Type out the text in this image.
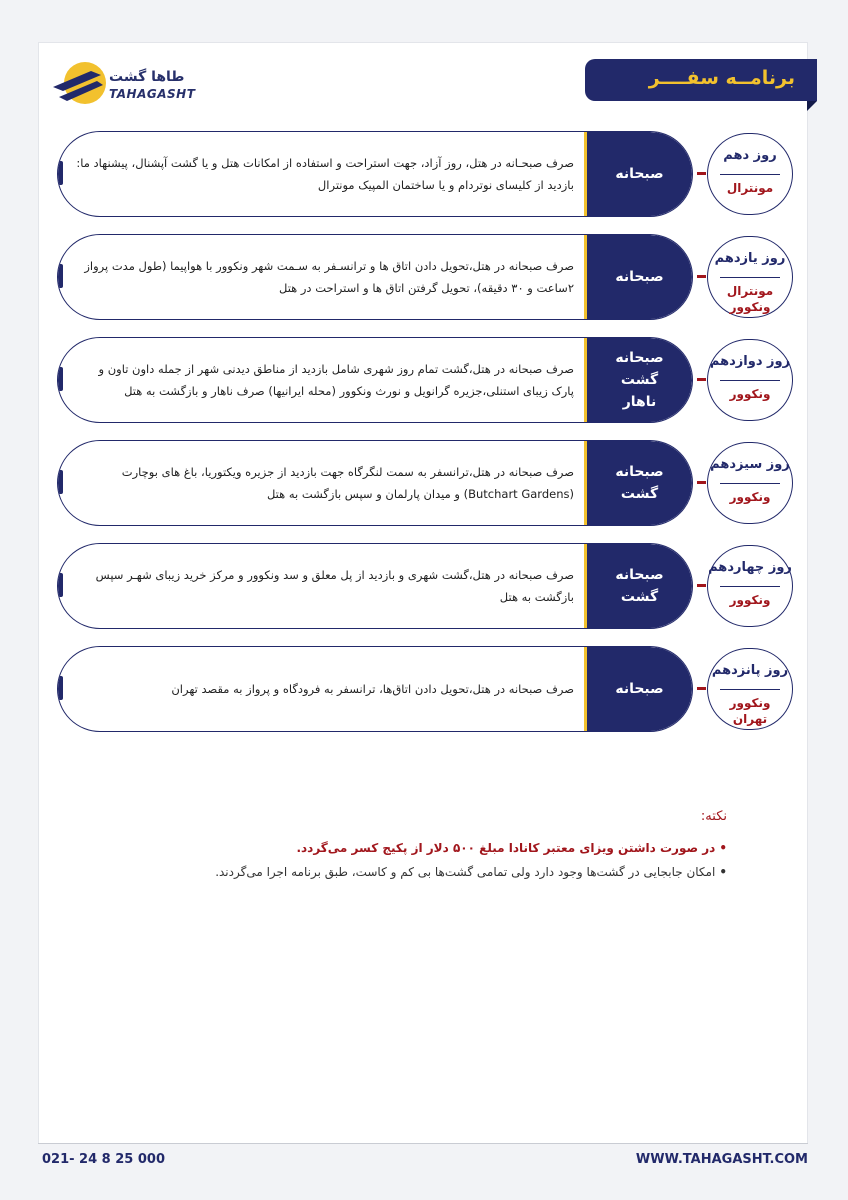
طاها گشت
TAHAGASHT
برنامــه سفــــر
روز دهم
مونترال
صبحانه
صرف صبحـانه در هتل، روز آزاد، جهت استراحت و استفاده از امکانات هتل و یا گشت آپشنال، پیشنهاد ما: بازدید از کلیسای نوتردام و یا ساختمان المپیک مونترال
روز یازدهم
مونترال
ونکوور
صبحانه
صرف صبحانه در هتل،تحویل دادن اتاق ها و ترانسـفر به سـمت شهر ونکوور با هواپیما (طول مدت پرواز ۲ساعت و ۳۰ دقیقه)، تحویل گرفتن اتاق ها و استراحت در هتل
روز دوازدهم
ونکوور
صبحانه
گشت
ناهار
صرف صبحانه در هتل،گشت تمام روز شهری شامل بازدید از مناطق دیدنی شهر از جمله داون تاون و پارک زیبای استنلی،جزیره گرانویل و نورث ونکوور (محله ایرانیها) صرف ناهار و بازگشت به هتل
روز سیزدهم
ونکوور
صبحانه
گشت
صرف صبحانه در هتل،ترانسفر به سمت لنگرگاه جهت بازدید از جزیره ویکتوریا، باغ های بوچارت (Butchart Gardens) و میدان پارلمان و سپس بازگشت به هتل
روز چهاردهم
ونکوور
صبحانه
گشت
صرف صبحانه در هتل،گشت شهری و بازدید از پل معلق و سد ونکوور و مرکز خرید زیبای شهـر سپس بازگشت به هتل
روز پانزدهم
ونکوور
تهران
صبحانه
صرف صبحانه در هتل،تحویل دادن اتاق‌ها، ترانسفر به فرودگاه و پرواز به مقصد تهران
نکته:
•در صورت داشتن ویزای معتبر کانادا مبلغ ۵۰۰ دلار از پکیج کسر می‌گردد.
•امکان جابجایی در گشت‌ها وجود دارد ولی تمامی گشت‌ها بی کم و کاست، طبق برنامه اجرا می‌گردند.
021- 24 8 25 000	WWW.TAHAGASHT.COM
